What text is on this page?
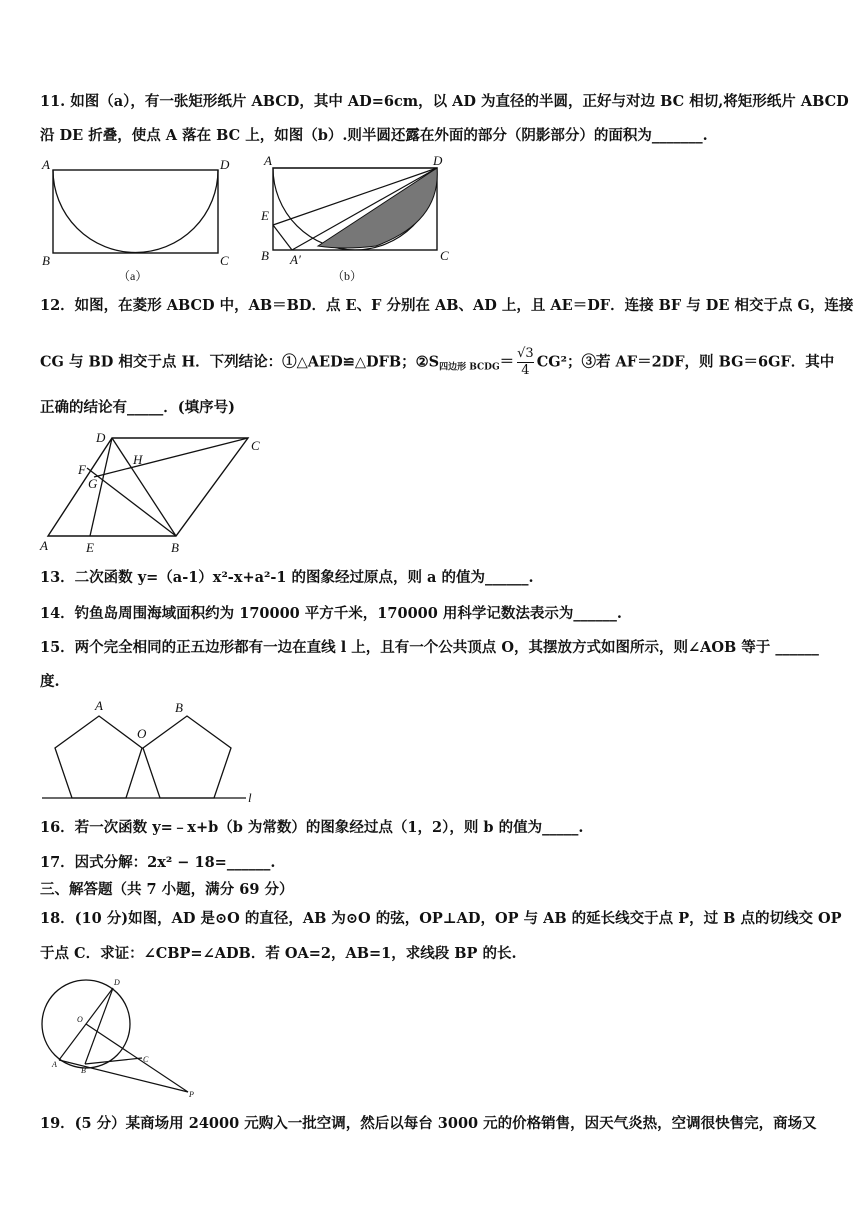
11. 如图（a），有一张矩形纸片 ABCD，其中 AD=6cm，以 AD 为直径的半圆，正好与对边 BC 相切,将矩形纸片 ABCD
沿 DE 折叠，使点 A 落在 BC 上，如图（b）.则半圆还露在外面的部分（阴影部分）的面积为_______.
A	D
B	C
（a）
A	D
E
B A′	C
（b）
12．如图，在菱形 ABCD 中，AB＝BD．点 E、F 分别在 AB、AD 上，且 AE＝DF．连接 BF 与 DE 相交于点 G，连接
CG 与 BD 相交于点 H．下列结论：①△AED≌△DFB；$②S_{四边形 BCDG}= \frac{√3}{4} CG^2$；③若 AF＝2DF，则 BG＝6GF．其中
正确的结论有_____．(填序号)
D
C
H
F
G
A	E	B
13．二次函数 y=（a-1）x²-x+a²-1 的图象经过原点，则 a 的值为______.
14．钓鱼岛周围海域面积约为 170000 平方千米，170000 用科学记数法表示为______.
15．两个完全相同的正五边形都有一边在直线 l 上，且有一个公共顶点 O，其摆放方式如图所示，则∠AOB 等于 ______
度.
A	B
O
l
16．若一次函数 y=﹣x+b（b 为常数）的图象经过点（1，2），则 b 的值为_____.
17．因式分解：2x² − 18=______.
三、解答题（共 7 小题，满分 69 分）
18．(10 分)如图，AD 是⊙O 的直径，AB 为⊙O 的弦，OP⊥AD，OP 与 AB 的延长线交于点 P，过 B 点的切线交 OP
于点 C．求证：∠CBP=∠ADB．若 OA=2，AB=1，求线段 BP 的长.
D
O
C
A
B
P
19．(5 分）某商场用 24000 元购入一批空调，然后以每台 3000 元的价格销售，因天气炎热，空调很快售完，商场又
